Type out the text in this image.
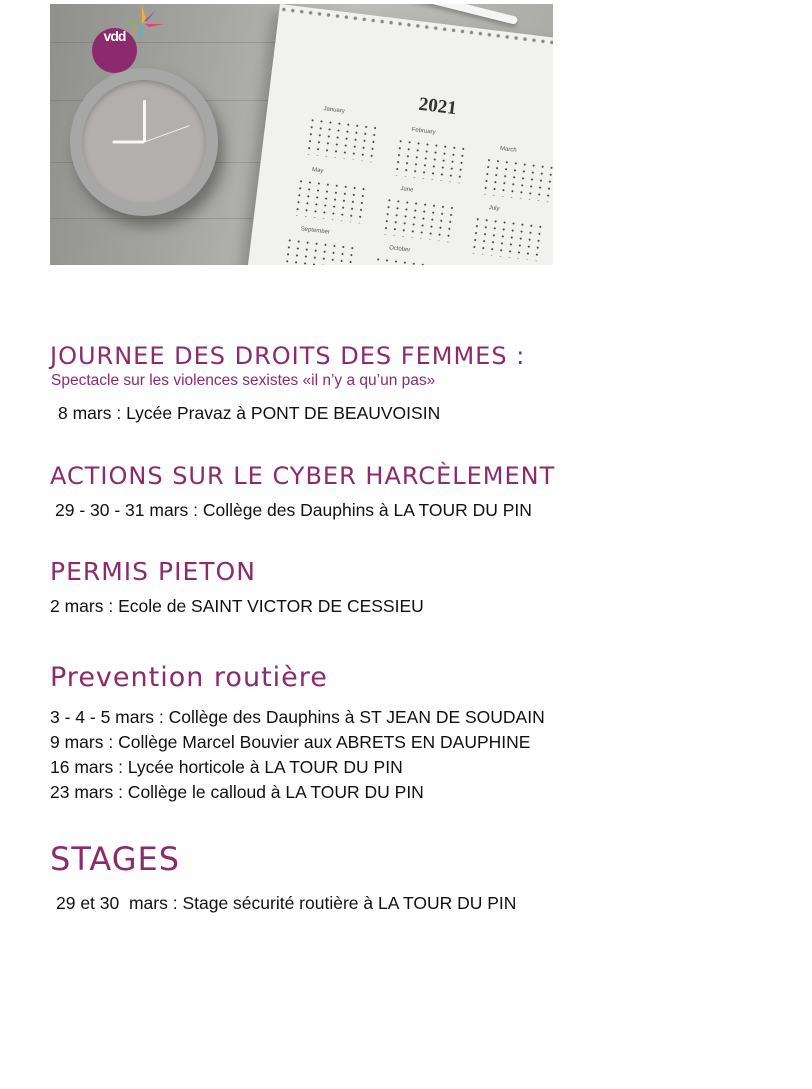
2021
January
February
March
May
June
July
September
October
vdd
JOURNEE DES DROITS DES FEMMES :
Spectacle sur les violences sexistes «il n’y a qu’un pas»
8 mars : Lycée Pravaz à PONT DE BEAUVOISIN
ACTIONS SUR LE CYBER HARCÈLEMENT
29 - 30 - 31 mars : Collège des Dauphins à LA TOUR DU PIN
PERMIS PIETON
2 mars : Ecole de SAINT VICTOR DE CESSIEU
Prevention routière
3 - 4 - 5 mars : Collège des Dauphins à ST JEAN DE SOUDAIN
9 mars : Collège Marcel Bouvier aux ABRETS EN DAUPHINE
16 mars : Lycée horticole à LA TOUR DU PIN
23 mars : Collège le calloud à LA TOUR DU PIN
STAGES
29 et 30  mars : Stage sécurité routière à LA TOUR DU PIN
